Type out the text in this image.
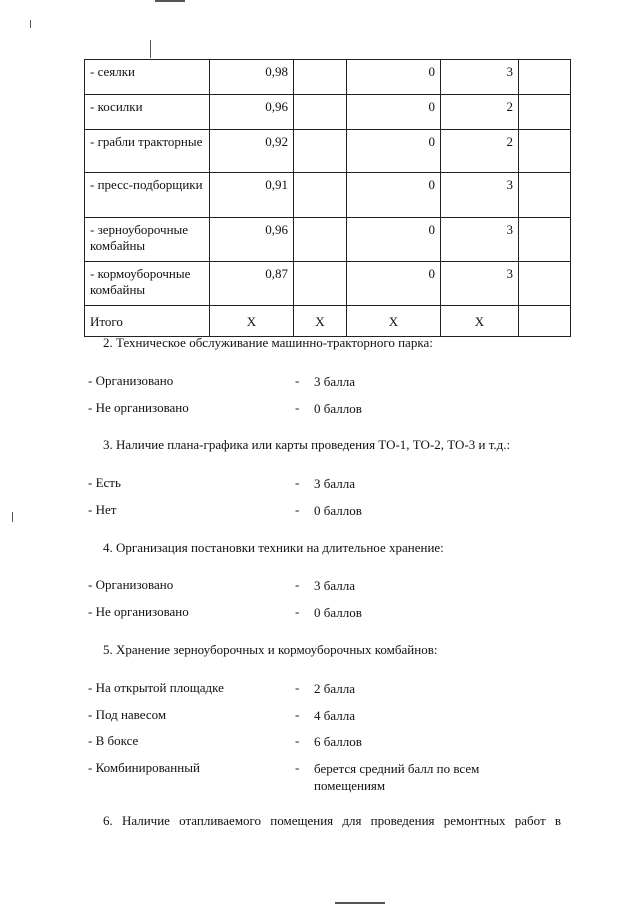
- сеялки	0,98		0	3	
- косилки	0,96		0	2	
- грабли тракторные	0,92		0	2	
- пресс-подборщики	0,91		0	3	
- зерноуборочные комбайны	0,96		0	3	
- кормоуборочные комбайны	0,87		0	3	
Итого	Х	Х	Х	Х	
2. Техническое обслуживание машинно-тракторного парка:
- Организовано	- 3 балла
- Не организовано	- 0 баллов
3. Наличие плана-графика или карты проведения ТО-1, ТО-2, ТО-3 и т.д.:
- Есть	- 3 балла
- Нет	- 0 баллов
4. Организация постановки техники на длительное хранение:
- Организовано	- 3 балла
- Не организовано	- 0 баллов
5. Хранение зерноуборочных и кормоуборочных комбайнов:
- На открытой площадке	- 2 балла
- Под навесом	- 4 балла
- В боксе	- 6 баллов
- Комбинированный	- берется средний балл по всем помещениям
6. Наличие отапливаемого помещения для проведения ремонтных работ в
